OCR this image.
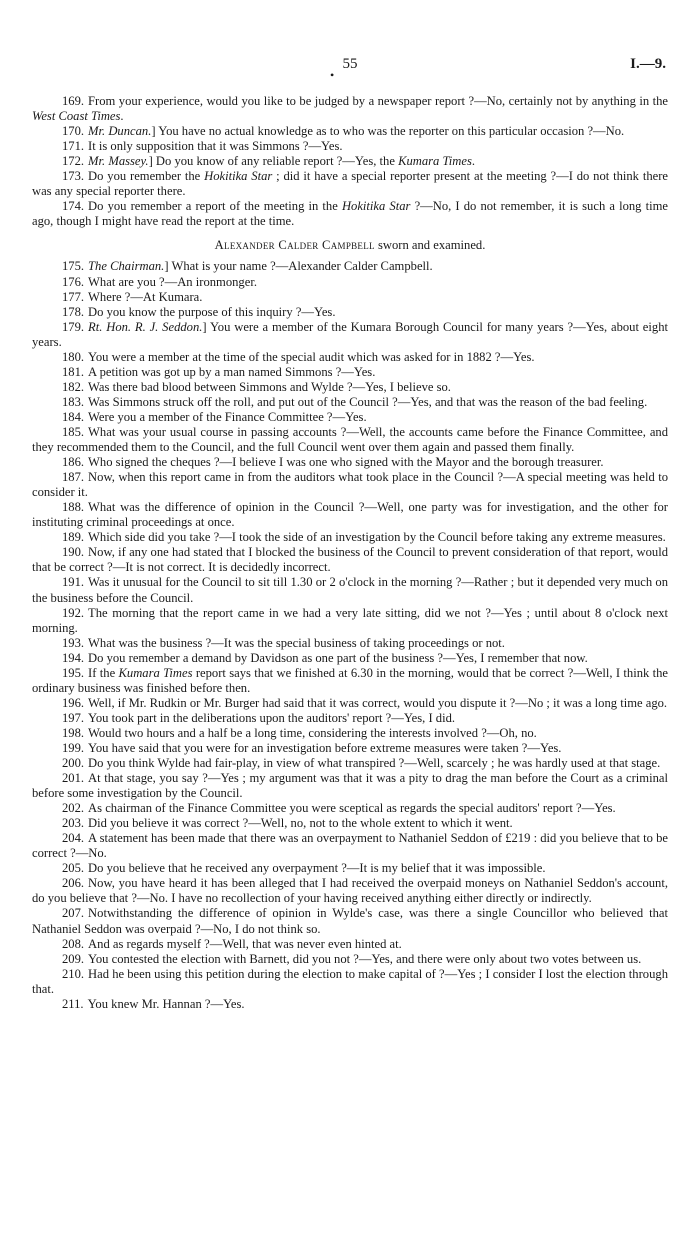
•
55	I.—9.

169. From your experience, would you like to be judged by a newspaper report ?—No, certainly not by anything in the West Coast Times.

170. Mr. Duncan.] You have no actual knowledge as to who was the reporter on this particular occasion ?—No.

171. It is only supposition that it was Simmons ?—Yes.

172. Mr. Massey.] Do you know of any reliable report ?—Yes, the Kumara Times.

173. Do you remember the Hokitika Star ; did it have a special reporter present at the meeting ?—I do not think there was any special reporter there.

174. Do you remember a report of the meeting in the Hokitika Star ?—No, I do not remember, it is such a long time ago, though I might have read the report at the time.

Alexander Calder Campbell sworn and examined.

175. The Chairman.] What is your name ?—Alexander Calder Campbell.

176. What are you ?—An ironmonger.

177. Where ?—At Kumara.

178. Do you know the purpose of this inquiry ?—Yes.

179. Rt. Hon. R. J. Seddon.] You were a member of the Kumara Borough Council for many years ?—Yes, about eight years.

180. You were a member at the time of the special audit which was asked for in 1882 ?—Yes.

181. A petition was got up by a man named Simmons ?—Yes.

182. Was there bad blood between Simmons and Wylde ?—Yes, I believe so.

183. Was Simmons struck off the roll, and put out of the Council ?—Yes, and that was the reason of the bad feeling.

184. Were you a member of the Finance Committee ?—Yes.

185. What was your usual course in passing accounts ?—Well, the accounts came before the Finance Committee, and they recommended them to the Council, and the full Council went over them again and passed them finally.

186. Who signed the cheques ?—I believe I was one who signed with the Mayor and the borough treasurer.

187. Now, when this report came in from the auditors what took place in the Council ?—A special meeting was held to consider it.

188. What was the difference of opinion in the Council ?—Well, one party was for investigation, and the other for instituting criminal proceedings at once.

189. Which side did you take ?—I took the side of an investigation by the Council before taking any extreme measures.

190. Now, if any one had stated that I blocked the business of the Council to prevent consideration of that report, would that be correct ?—It is not correct. It is decidedly incorrect.

191. Was it unusual for the Council to sit till 1.30 or 2 o'clock in the morning ?—Rather ; but it depended very much on the business before the Council.

192. The morning that the report came in we had a very late sitting, did we not ?—Yes ; until about 8 o'clock next morning.

193. What was the business ?—It was the special business of taking proceedings or not.

194. Do you remember a demand by Davidson as one part of the business ?—Yes, I remember that now.

195. If the Kumara Times report says that we finished at 6.30 in the morning, would that be correct ?—Well, I think the ordinary business was finished before then.

196. Well, if Mr. Rudkin or Mr. Burger had said that it was correct, would you dispute it ?—No ; it was a long time ago.

197. You took part in the deliberations upon the auditors' report ?—Yes, I did.

198. Would two hours and a half be a long time, considering the interests involved ?—Oh, no.

199. You have said that you were for an investigation before extreme measures were taken ?—Yes.

200. Do you think Wylde had fair-play, in view of what transpired ?—Well, scarcely ; he was hardly used at that stage.

201. At that stage, you say ?—Yes ; my argument was that it was a pity to drag the man before the Court as a criminal before some investigation by the Council.

202. As chairman of the Finance Committee you were sceptical as regards the special auditors' report ?—Yes.

203. Did you believe it was correct ?—Well, no, not to the whole extent to which it went.

204. A statement has been made that there was an overpayment to Nathaniel Seddon of £219 : did you believe that to be correct ?—No.

205. Do you believe that he received any overpayment ?—It is my belief that it was impossible.

206. Now, you have heard it has been alleged that I had received the overpaid moneys on Nathaniel Seddon's account, do you believe that ?—No. I have no recollection of your having received anything either directly or indirectly.

207. Notwithstanding the difference of opinion in Wylde's case, was there a single Councillor who believed that Nathaniel Seddon was overpaid ?—No, I do not think so.

208. And as regards myself ?—Well, that was never even hinted at.

209. You contested the election with Barnett, did you not ?—Yes, and there were only about two votes between us.

210. Had he been using this petition during the election to make capital of ?—Yes ; I consider I lost the election through that.

211. You knew Mr. Hannan ?—Yes.
